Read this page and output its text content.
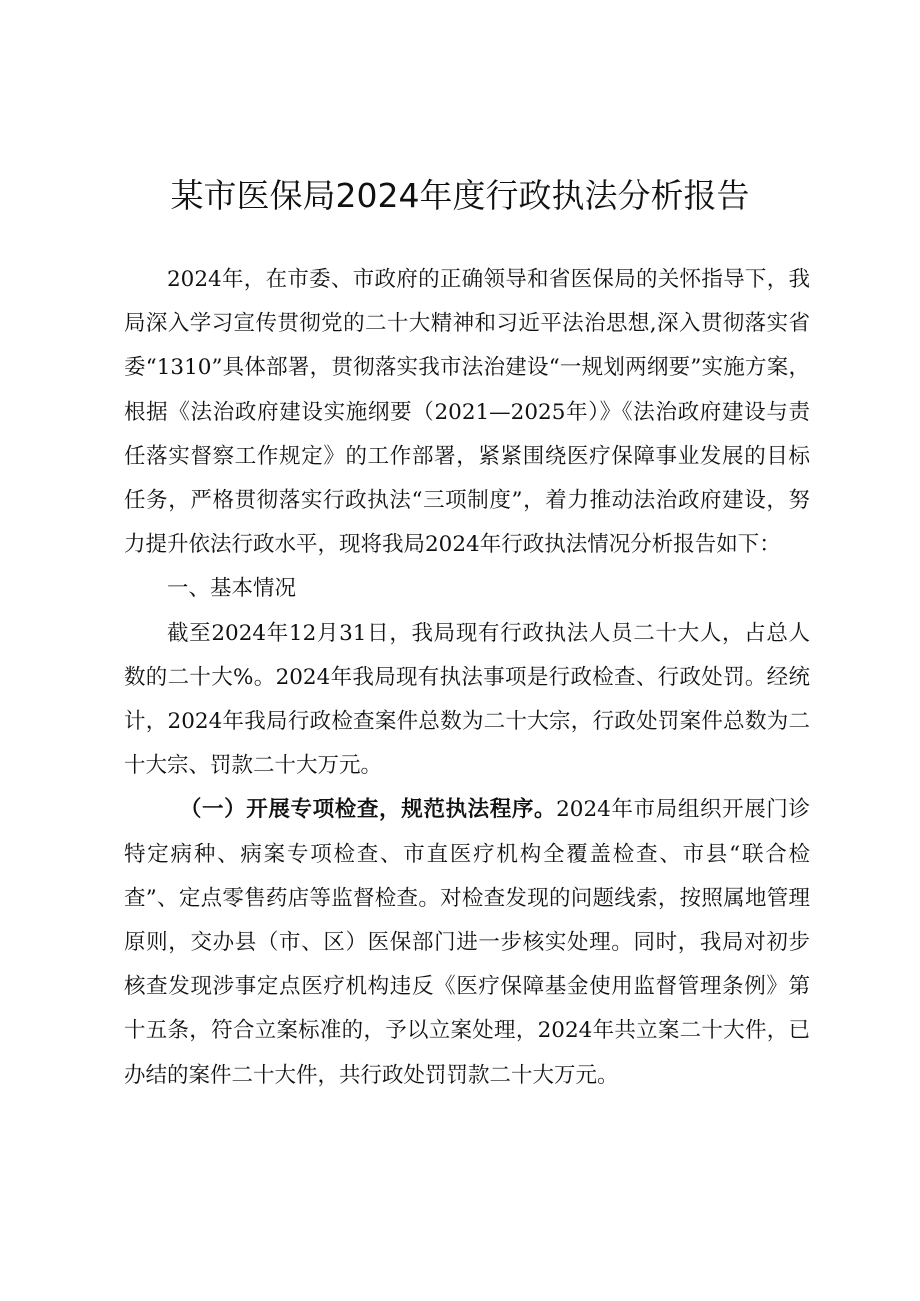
某市医保局2024年度行政执法分析报告

2024年，在市委、市政府的正确领导和省医保局的关怀指导下，我局深入学习宣传贯彻党的二十大精神和习近平法治思想,深入贯彻落实省委“1310”具体部署，贯彻落实我市法治建设“一规划两纲要”实施方案，根据《法治政府建设实施纲要（2021—2025年）》《法治政府建设与责任落实督察工作规定》的工作部署，紧紧围绕医疗保障事业发展的目标任务，严格贯彻落实行政执法“三项制度”，着力推动法治政府建设，努力提升依法行政水平，现将我局2024年行政执法情况分析报告如下：

一、基本情况

截至2024年12月31日，我局现有行政执法人员二十大人，占总人数的二十大%。2024年我局现有执法事项是行政检查、行政处罚。经统计，2024年我局行政检查案件总数为二十大宗，行政处罚案件总数为二十大宗、罚款二十大万元。

（一）开展专项检查，规范执法程序。2024年市局组织开展门诊特定病种、病案专项检查、市直医疗机构全覆盖检查、市县“联合检查”、定点零售药店等监督检查。对检查发现的问题线索，按照属地管理原则，交办县（市、区）医保部门进一步核实处理。同时，我局对初步核查发现涉事定点医疗机构违反《医疗保障基金使用监督管理条例》第十五条，符合立案标准的，予以立案处理，2024年共立案二十大件，已办结的案件二十大件，共行政处罚罚款二十大万元。
